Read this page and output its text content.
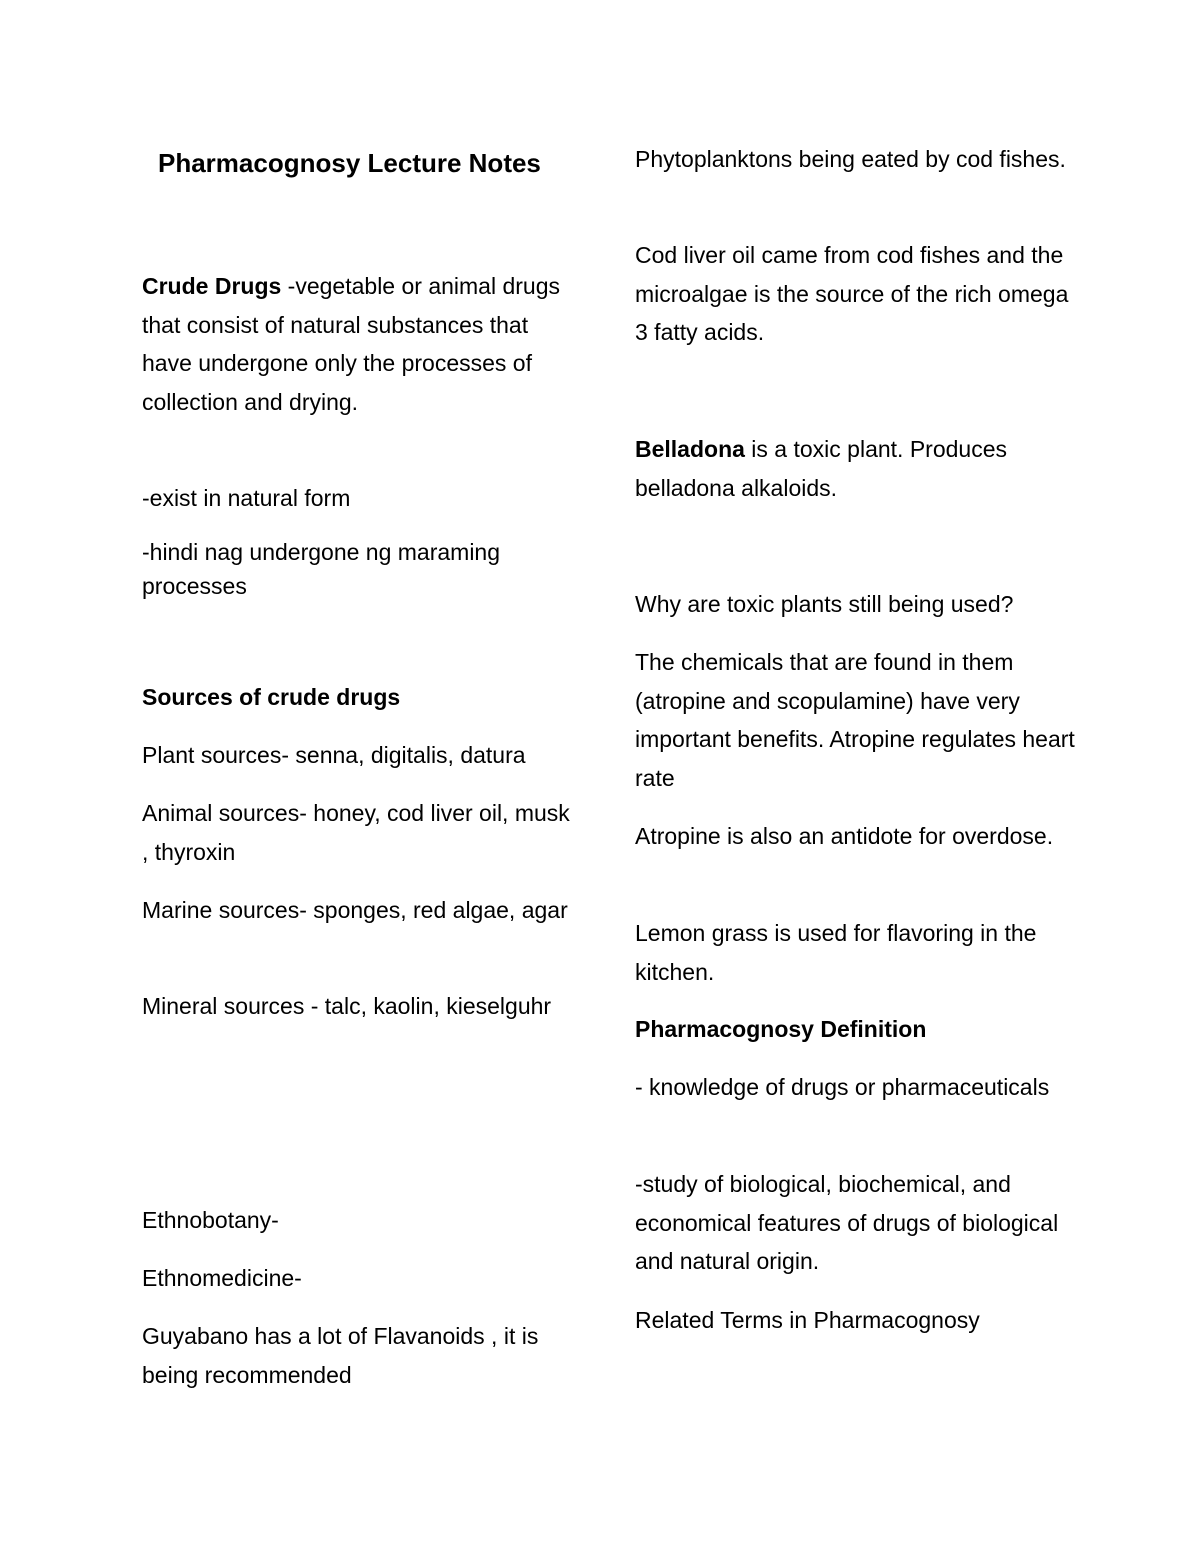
Pharmacognosy Lecture Notes
Crude Drugs -vegetable or animal drugs that consist of natural substances that have undergone only the processes of collection and drying.
-exist in natural form
-hindi nag undergone ng maraming
processes
Sources of crude drugs
Plant sources- senna, digitalis, datura
Animal sources- honey, cod liver oil, musk , thyroxin
Marine sources- sponges, red algae, agar
Mineral sources - talc, kaolin, kieselguhr
Ethnobotany-
Ethnomedicine-
Guyabano has a lot of Flavanoids , it is being recommended
Phytoplanktons being eated by cod fishes.
Cod liver oil came from cod fishes and the microalgae is the source of the rich omega 3 fatty acids.
Belladona is a toxic plant. Produces belladona alkaloids.
Why are toxic plants still being used?
The chemicals that are found in them (atropine and scopulamine) have very important benefits. Atropine regulates heart rate
Atropine is also an antidote for overdose.
Lemon grass is used for flavoring in the kitchen.
Pharmacognosy Definition
- knowledge of drugs or pharmaceuticals
-study of biological, biochemical, and economical features of drugs of biological and natural origin.
Related Terms in Pharmacognosy
